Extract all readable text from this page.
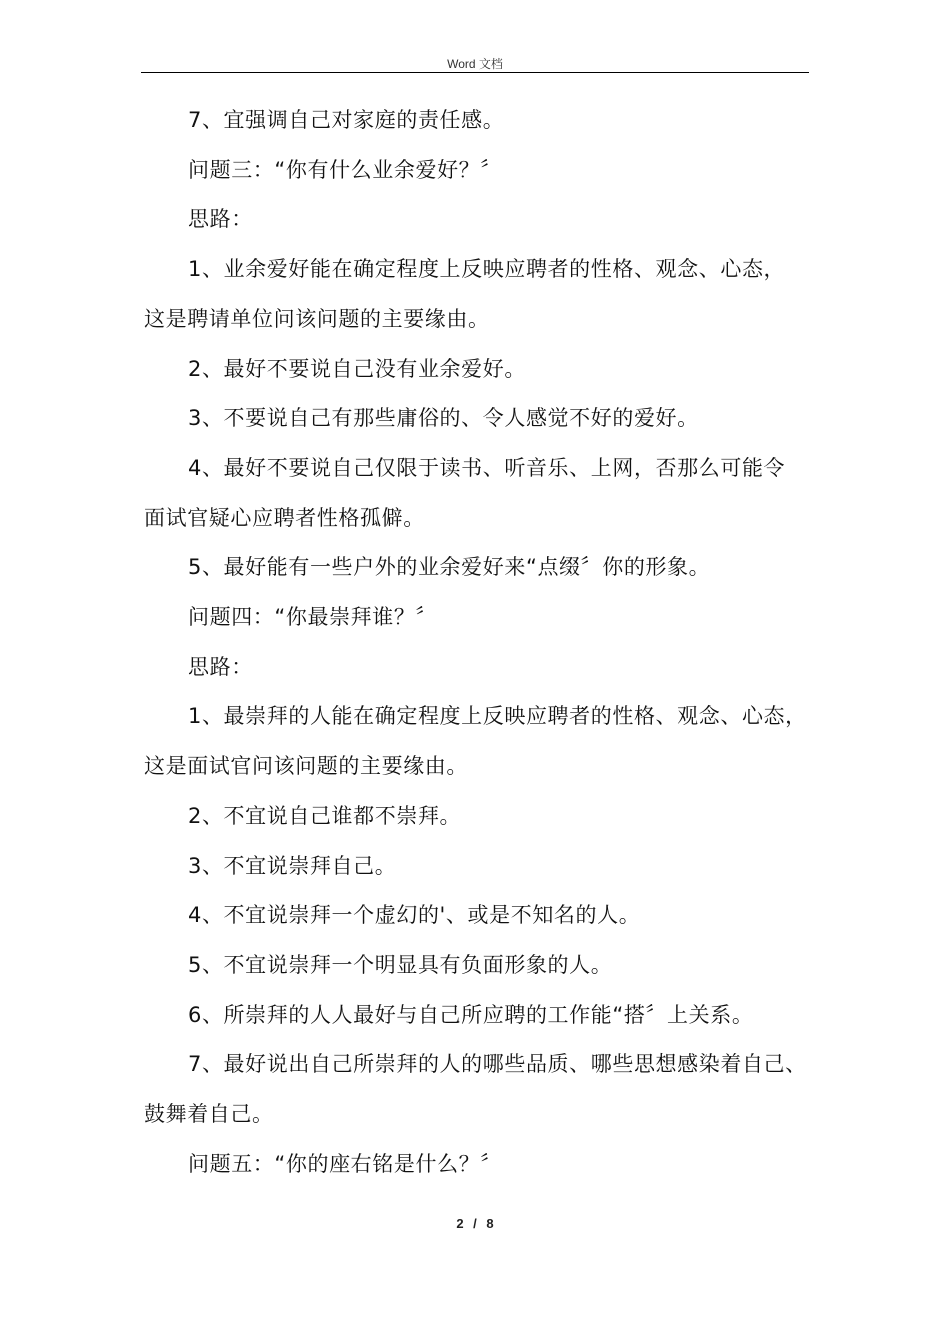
Word 文档

7、宜强调自己对家庭的责任感。

问题三：“你有什么业余爱好？〞

思路：

1、业余爱好能在确定程度上反映应聘者的性格、观念、心态，

这是聘请单位问该问题的主要缘由。

2、最好不要说自己没有业余爱好。

3、不要说自己有那些庸俗的、令人感觉不好的爱好。

4、最好不要说自己仅限于读书、听音乐、上网，否那么可能令

面试官疑心应聘者性格孤僻。

5、最好能有一些户外的业余爱好来“点缀〞你的形象。

问题四：“你最崇拜谁？〞

思路：

1、最崇拜的人能在确定程度上反映应聘者的性格、观念、心态，

这是面试官问该问题的主要缘由。

2、不宜说自己谁都不崇拜。

3、不宜说崇拜自己。

4、不宜说崇拜一个虚幻的'、或是不知名的人。

5、不宜说崇拜一个明显具有负面形象的人。

6、所崇拜的人人最好与自己所应聘的工作能“搭〞上关系。

7、最好说出自己所崇拜的人的哪些品质、哪些思想感染着自己、

鼓舞着自己。

问题五：“你的座右铭是什么？〞

2 / 8
